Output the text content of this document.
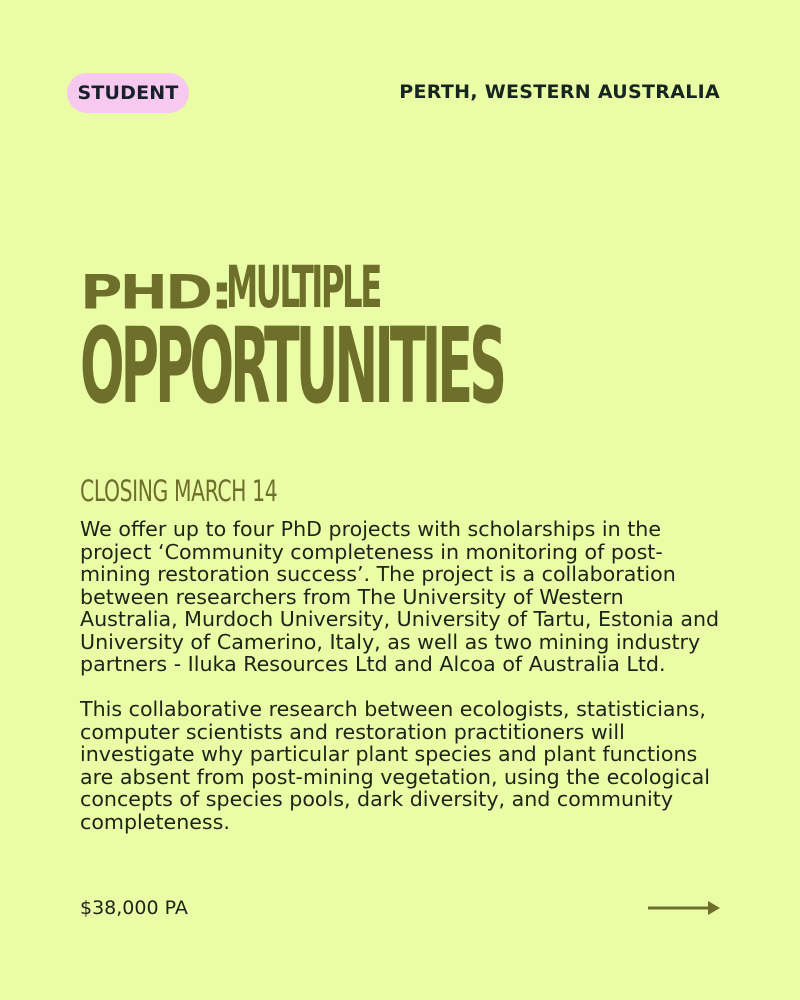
STUDENT	PERTH, WESTERN AUSTRALIA
PHD:
MULTIPLE
OPPORTUNITIES
CLOSING MARCH 14

We offer up to four PhD projects with scholarships in the
project ‘Community completeness in monitoring of post-
mining restoration success’. The project is a collaboration
between researchers from The University of Western
Australia, Murdoch University, University of Tartu, Estonia and
University of Camerino, Italy, as well as two mining industry
partners - Iluka Resources Ltd and Alcoa of Australia Ltd.

This collaborative research between ecologists, statisticians,
computer scientists and restoration practitioners will
investigate why particular plant species and plant functions
are absent from post-mining vegetation, using the ecological
concepts of species pools, dark diversity, and community
completeness.

$38,000 PA
